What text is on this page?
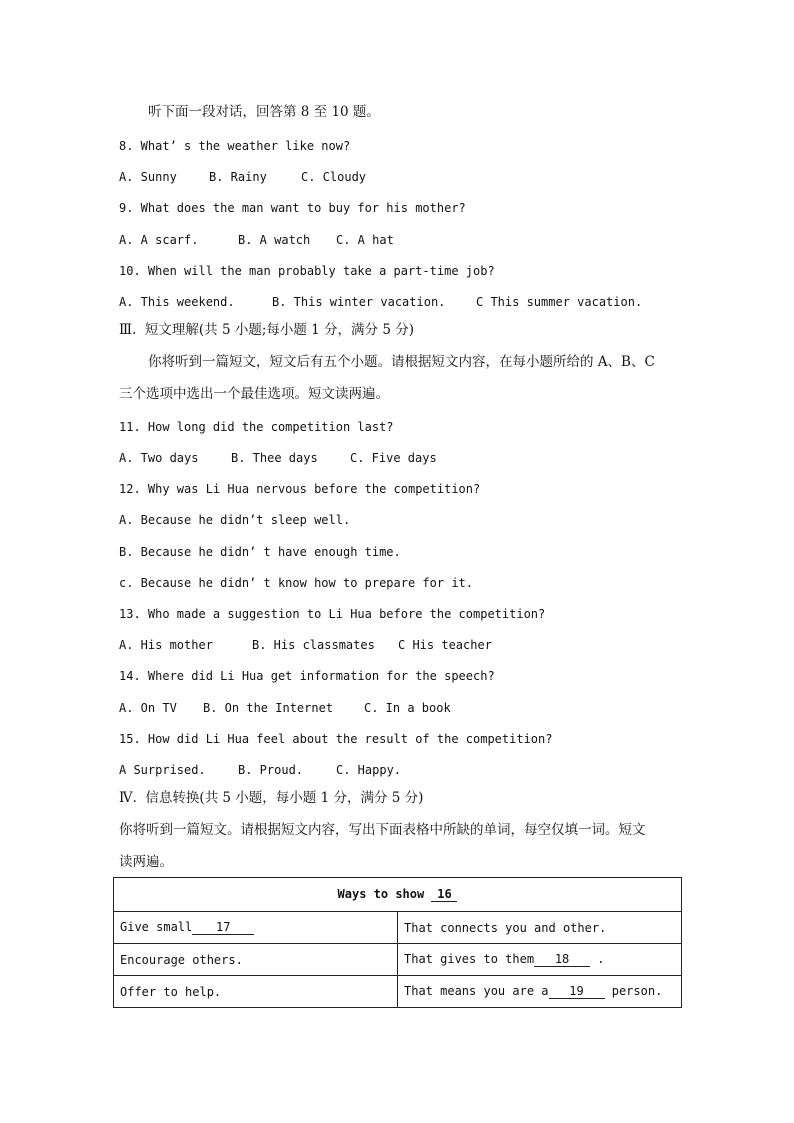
听下面一段对话，回答第 8 至 10 题。
8. What’ s the weather like now?
A. Sunny	B. Rainy	C. Cloudy
9. What does the man want to buy for his mother?
A. A scarf.	B. A watch C. A hat
10. When will the man probably take a part-time job?
A. This weekend.	B. This winter vacation.	C This summer vacation.
Ⅲ.  短文理解(共 5 小题;每小题 1 分，满分 5 分)
你将听到一篇短文，短文后有五个小题。请根据短文内容，在每小题所给的 A、B、C
三个选项中选出一个最佳选项。短文读两遍。
11. How long did the competition last?
A. Two days	B. Thee days	C. Five days
12. Why was Li Hua nervous before the competition?
A. Because he didn’t sleep well.
B. Because he didn’ t have enough time.
c. Because he didn’ t know how to prepare for it.
13. Who made a suggestion to Li Hua before the competition?
A. His mother	B. His classmates C His teacher
14. Where did Li Hua get information for the speech?
A. On TV B. On the Internet	C. In a book
15. How did Li Hua feel about the result of the competition?
A Surprised.	B. Proud.	C. Happy.
Ⅳ.  信息转换(共 5 小题，每小题 1 分，满分 5 分)
你将听到一篇短文。请根据短文内容，写出下面表格中所缺的单词，每空仅填一词。短文
读两遍。
Ways to show 16	
Give small 17	That connects you and other.
Encourage others.	That gives to them 18 .
Offer to help.	That means you are a 19 person.
